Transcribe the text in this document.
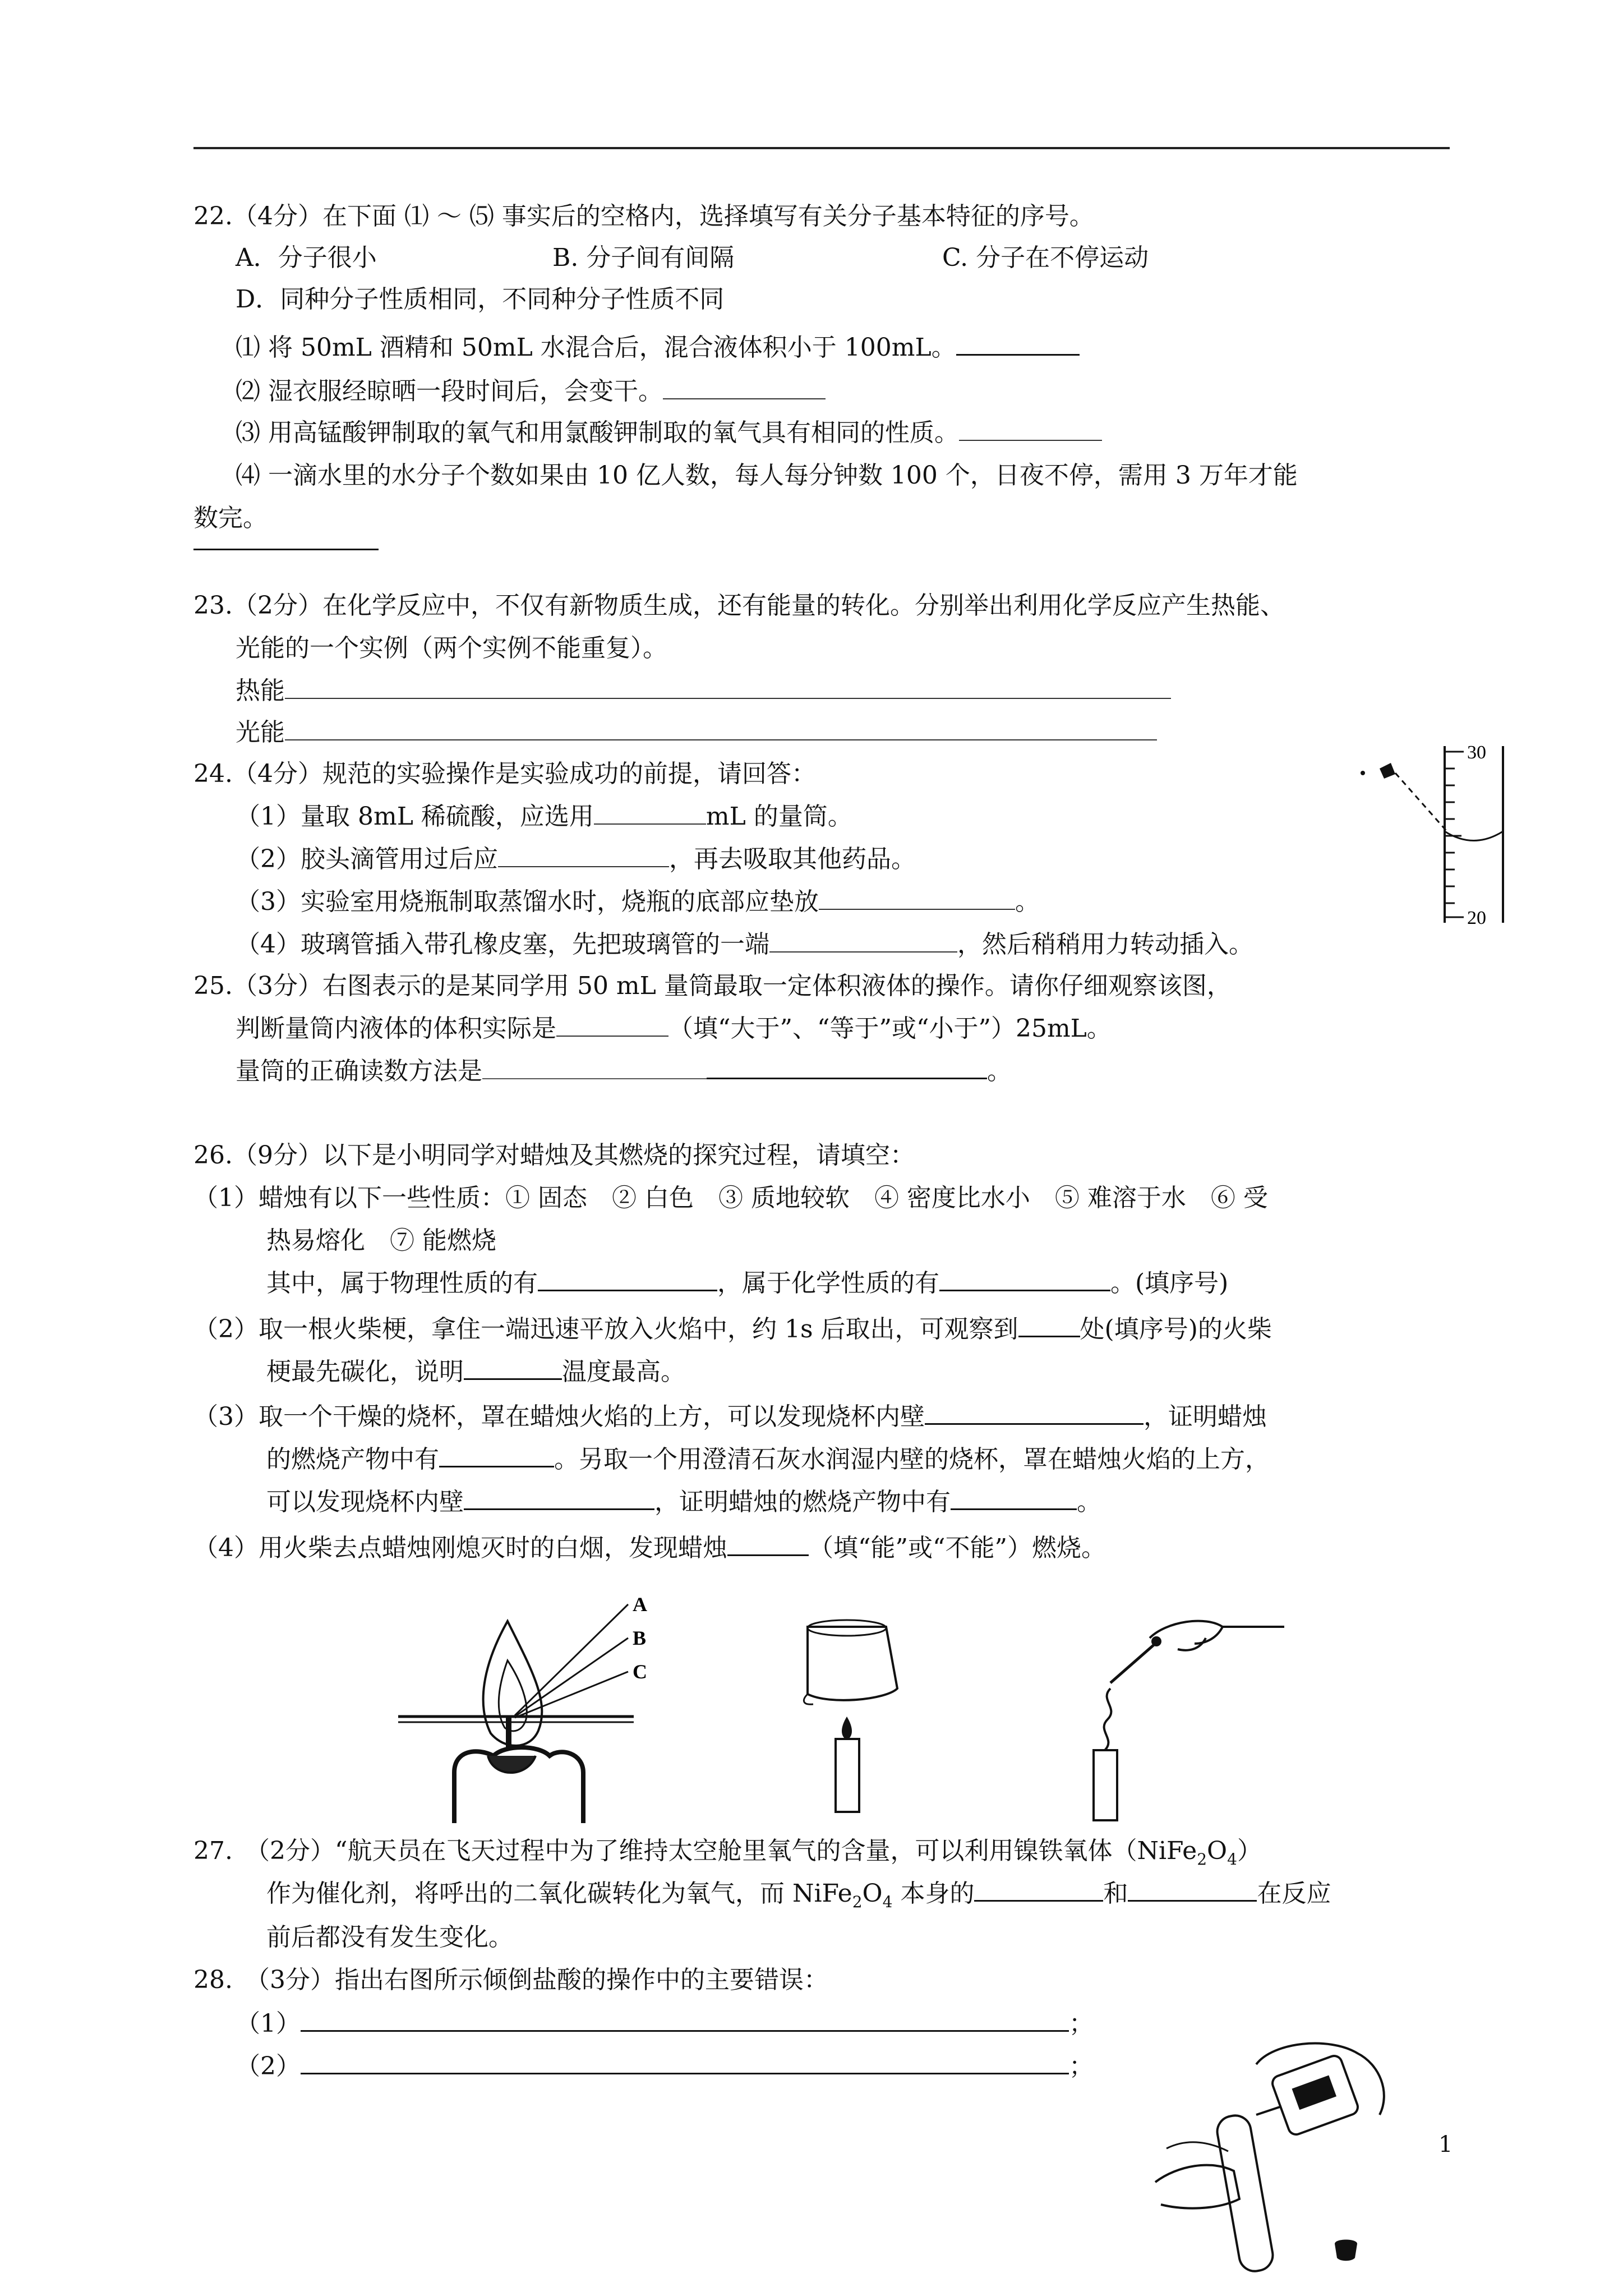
22.（4分）在下面 ⑴ ～ ⑸ 事实后的空格内，选择填写有关分子基本特征的序号。
A．分子很小	B. 分子间有间隔	C. 分子在不停运动
D．同种分子性质相同，不同种分子性质不同
⑴ 将 50mL 酒精和 50mL 水混合后，混合液体积小于 100mL。
⑵ 湿衣服经晾晒一段时间后，会变干。
⑶ 用高锰酸钾制取的氧气和用氯酸钾制取的氧气具有相同的性质。
⑷ 一滴水里的水分子个数如果由 10 亿人数，每人每分钟数 100 个，日夜不停，需用 3 万年才能
数完。
23.（2分）在化学反应中，不仅有新物质生成，还有能量的转化。分别举出利用化学反应产生热能、
光能的一个实例（两个实例不能重复）。
热能
光能
24.（4分）规范的实验操作是实验成功的前提，请回答：
（1）量取 8mL 稀硫酸，应选用	mL 的量筒。
（2）胶头滴管用过后应	，再去吸取其他药品。
（3）实验室用烧瓶制取蒸馏水时，烧瓶的底部应垫放	。
（4）玻璃管插入带孔橡皮塞，先把玻璃管的一端	，然后稍稍用力转动插入。
30
20
25.（3分）右图表示的是某同学用 50 mL 量筒最取一定体积液体的操作。请你仔细观察该图，
判断量筒内液体的体积实际是	（填“大于”、“等于”或“小于”）25mL。
量筒的正确读数方法是	。
26.（9分）以下是小明同学对蜡烛及其燃烧的探究过程，请填空：
（1）蜡烛有以下一些性质：① 固态　② 白色　③ 质地较软　④ 密度比水小　⑤ 难溶于水　⑥ 受
热易熔化　⑦ 能燃烧
其中，属于物理性质的有	，属于化学性质的有	。(填序号)
（2）取一根火柴梗，拿住一端迅速平放入火焰中，约 1s 后取出，可观察到	处(填序号)的火柴
梗最先碳化，说明	温度最高。
（3）取一个干燥的烧杯，罩在蜡烛火焰的上方，可以发现烧杯内壁	，证明蜡烛
的燃烧产物中有	。另取一个用澄清石灰水润湿内壁的烧杯，罩在蜡烛火焰的上方，
可以发现烧杯内壁	，证明蜡烛的燃烧产物中有	。
（4）用火柴去点蜡烛刚熄灭时的白烟，发现蜡烛	（填“能”或“不能”）燃烧。
A
B
C
27.　（2分）“航天员在飞天过程中为了维持太空舱里氧气的含量，可以利用镍铁氧体$(NiFe_2O_4)$
作为催化剂，将呼出的二氧化碳转化为氧气，而 $NiFe_2O_4$ 本身的	和	在反应
前后都没有发生变化。
28.　（3分）指出右图所示倾倒盐酸的操作中的主要错误：
（1）	；
（2）	；
1
